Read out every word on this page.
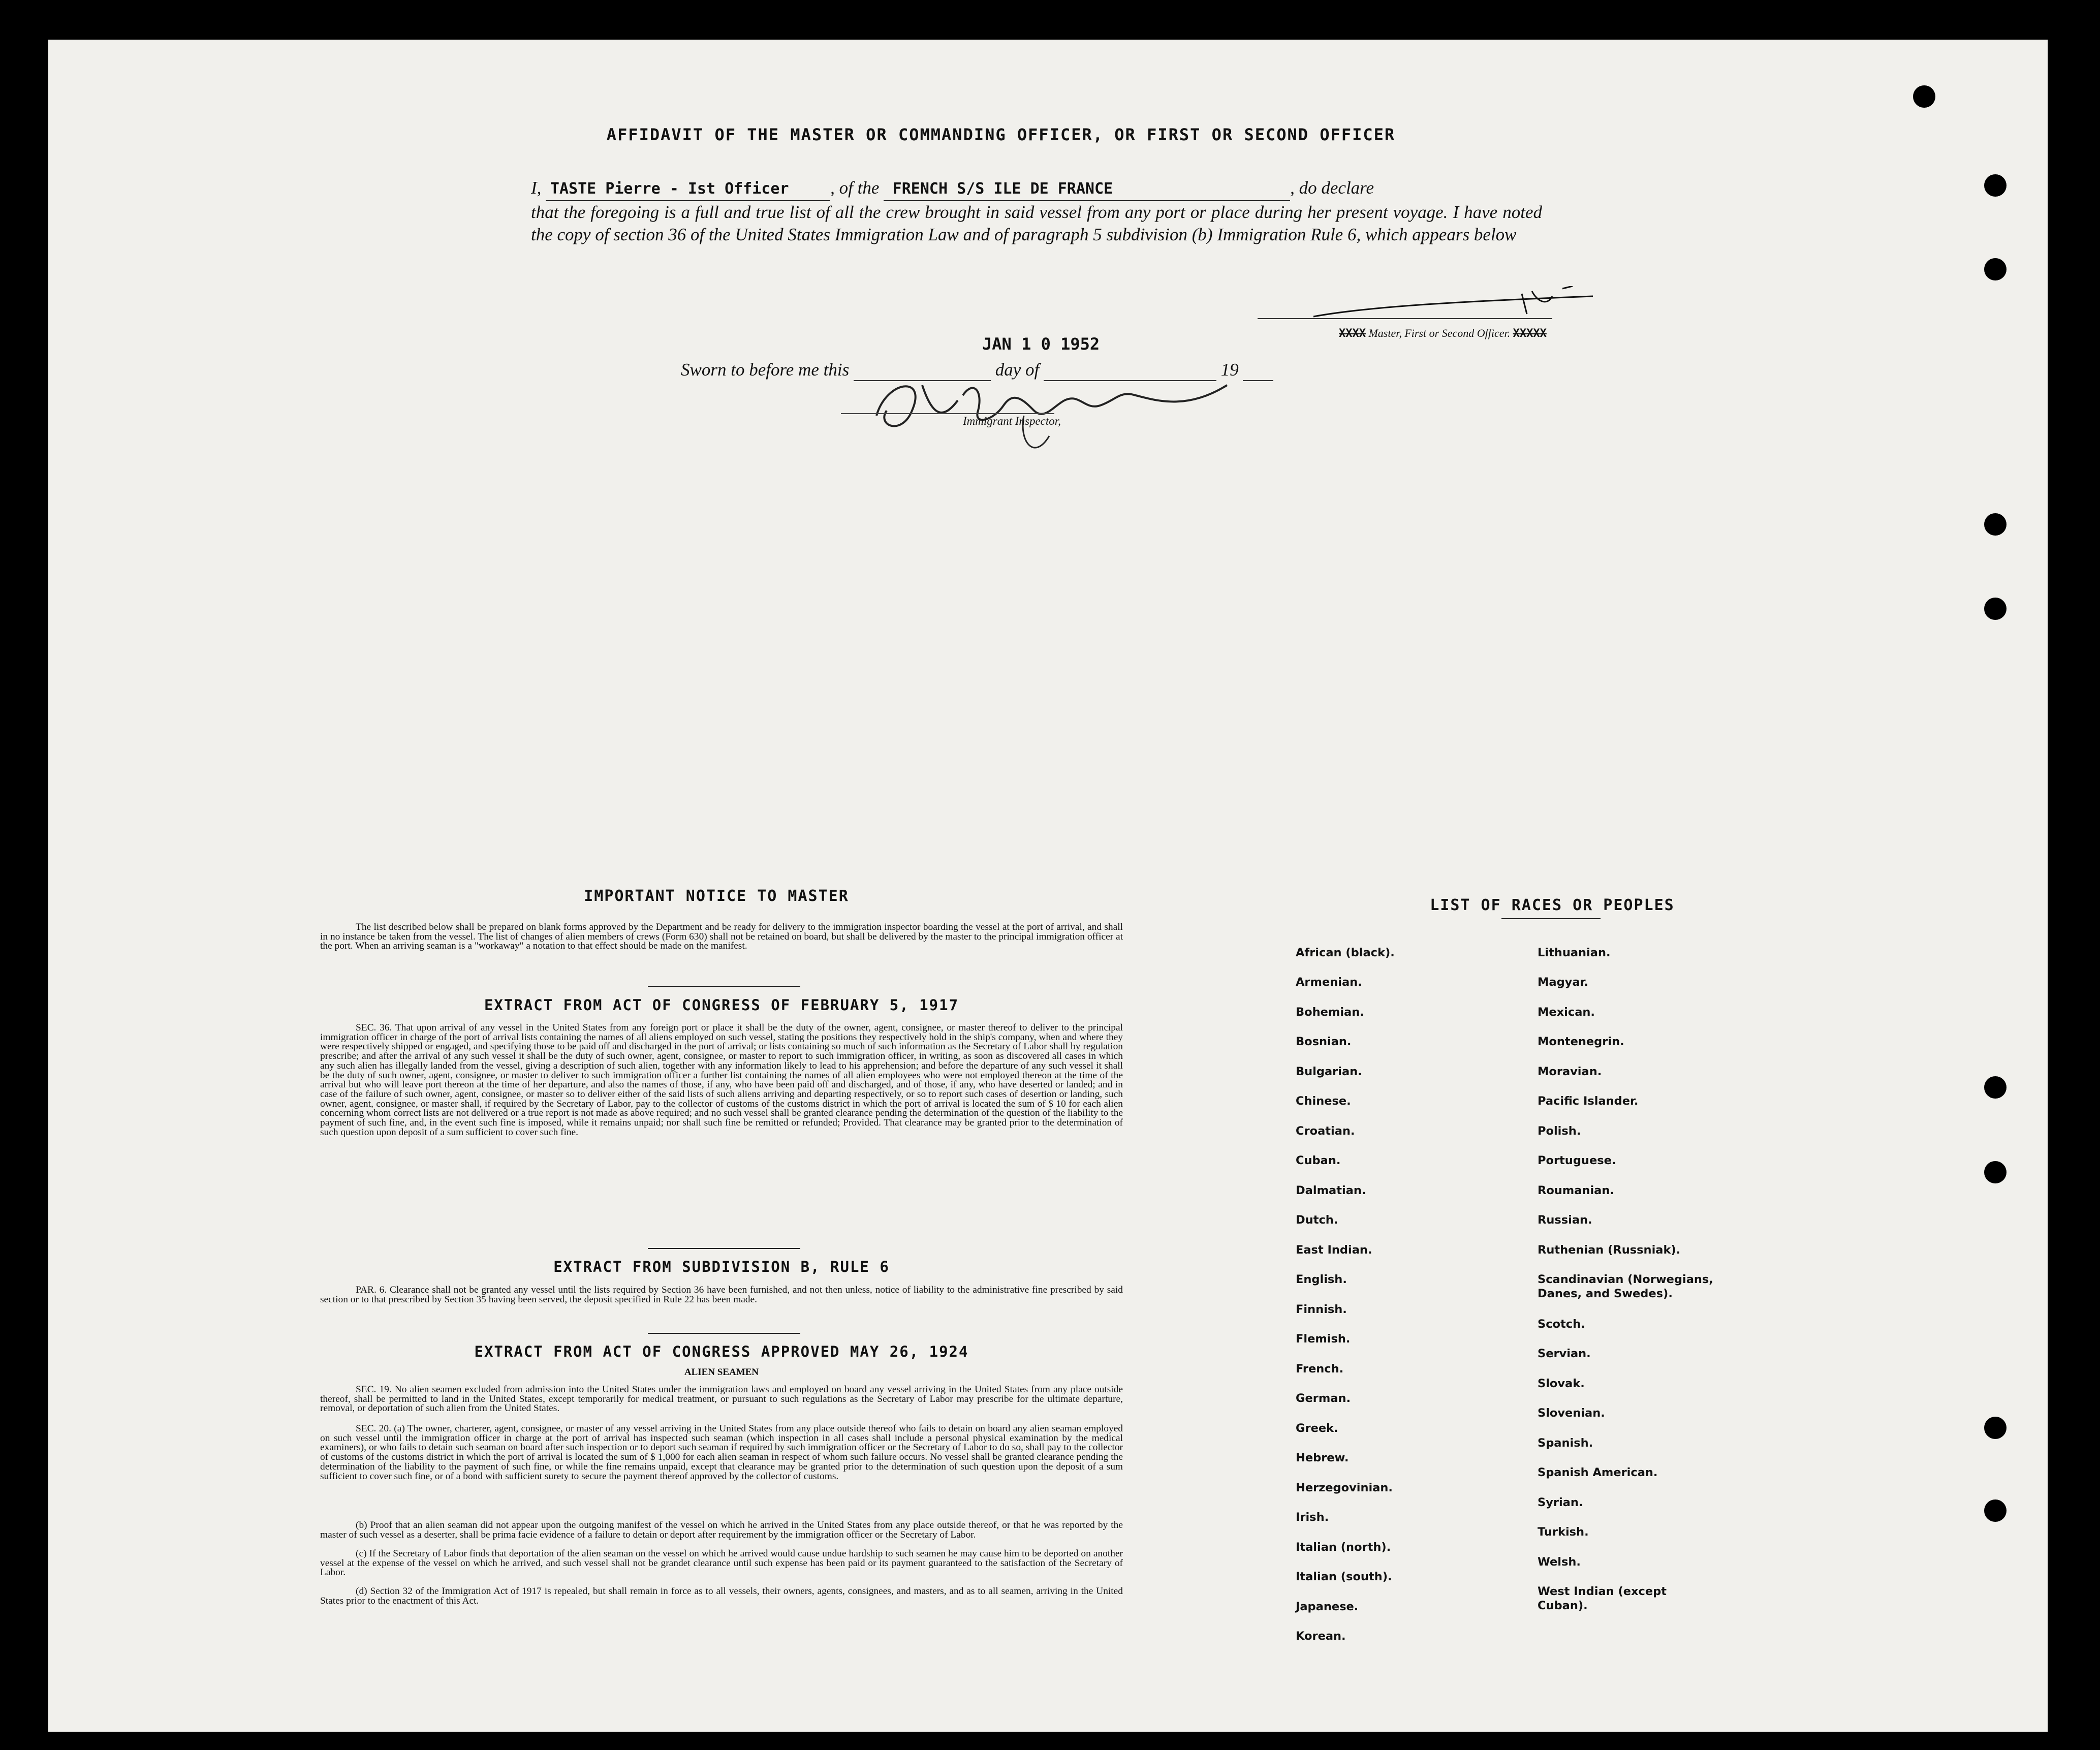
AFFIDAVIT OF THE MASTER OR COMMANDING OFFICER, OR FIRST OR SECOND OFFICER
I, TASTE Pierre - Ist Officer , of the FRENCH S/S ILE DE FRANCE	, do declare
that the foregoing is a full and true list of all the crew brought in said vessel from any port or place during her present voyage. I have noted the copy of section 36 of the United States Immigration Law and of paragraph 5 subdivision (b) Immigration Rule 6, which appears below
XXXX Master, First or Second Officer. XXXXX
JAN 1 0 1952
Sworn to before me this	day of	19
Immigrant Inspector,
IMPORTANT NOTICE TO MASTER
The list described below shall be prepared on blank forms approved by the Department and be ready for delivery to the immigration inspector boarding the vessel at the port of arrival, and shall in no instance be taken from the vessel. The list of changes of alien members of crews (Form 630) shall not be retained on board, but shall be delivered by the master to the principal immigration officer at the port. When an arriving seaman is a "workaway" a notation to that effect should be made on the manifest.
EXTRACT FROM ACT OF CONGRESS OF FEBRUARY 5, 1917
SEC. 36. That upon arrival of any vessel in the United States from any foreign port or place it shall be the duty of the owner, agent, consignee, or master thereof to deliver to the principal immigration officer in charge of the port of arrival lists containing the names of all aliens employed on such vessel, stating the positions they respectively hold in the ship's company, when and where they were respectively shipped or engaged, and specifying those to be paid off and discharged in the port of arrival; or lists containing so much of such information as the Secretary of Labor shall by regulation prescribe; and after the arrival of any such vessel it shall be the duty of such owner, agent, consignee, or master to report to such immigration officer, in writing, as soon as discovered all cases in which any such alien has illegally landed from the vessel, giving a description of such alien, together with any information likely to lead to his apprehension; and before the departure of any such vessel it shall be the duty of such owner, agent, consignee, or master to deliver to such immigration officer a further list containing the names of all alien employees who were not employed thereon at the time of the arrival but who will leave port thereon at the time of her departure, and also the names of those, if any, who have been paid off and discharged, and of those, if any, who have deserted or landed; and in case of the failure of such owner, agent, consignee, or master so to deliver either of the said lists of such aliens arriving and departing respectively, or so to report such cases of desertion or landing, such owner, agent, consignee, or master shall, if required by the Secretary of Labor, pay to the collector of customs of the customs district in which the port of arrival is located the sum of $ 10 for each alien concerning whom correct lists are not delivered or a true report is not made as above required; and no such vessel shall be granted clearance pending the determination of the question of the liability to the payment of such fine, and, in the event such fine is imposed, while it remains unpaid; nor shall such fine be remitted or refunded; Provided. That clearance may be granted prior to the determination of such question upon deposit of a sum sufficient to cover such fine.
EXTRACT FROM SUBDIVISION B, RULE 6
PAR. 6. Clearance shall not be granted any vessel until the lists required by Section 36 have been furnished, and not then unless, notice of liability to the administrative fine prescribed by said section or to that prescribed by Section 35 having been served, the deposit specified in Rule 22 has been made.
EXTRACT FROM ACT OF CONGRESS APPROVED MAY 26, 1924
ALIEN SEAMEN
SEC. 19. No alien seamen excluded from admission into the United States under the immigration laws and employed on board any vessel arriving in the United States from any place outside thereof, shall be permitted to land in the United States, except temporarily for medical treatment, or pursuant to such regulations as the Secretary of Labor may prescribe for the ultimate departure, removal, or deportation of such alien from the United States.
SEC. 20. (a) The owner, charterer, agent, consignee, or master of any vessel arriving in the United States from any place outside thereof who fails to detain on board any alien seaman employed on such vessel until the immigration officer in charge at the port of arrival has inspected such seaman (which inspection in all cases shall include a personal physical examination by the medical examiners), or who fails to detain such seaman on board after such inspection or to deport such seaman if required by such immigration officer or the Secretary of Labor to do so, shall pay to the collector of customs of the customs district in which the port of arrival is located the sum of $ 1,000 for each alien seaman in respect of whom such failure occurs. No vessel shall be granted clearance pending the determination of the liability to the payment of such fine, or while the fine remains unpaid, except that clearance may be granted prior to the determination of such question upon the deposit of a sum sufficient to cover such fine, or of a bond with sufficient surety to secure the payment thereof approved by the collector of customs.
(b) Proof that an alien seaman did not appear upon the outgoing manifest of the vessel on which he arrived in the United States from any place outside thereof, or that he was reported by the master of such vessel as a deserter, shall be prima facie evidence of a failure to detain or deport after requirement by the immigration officer or the Secretary of Labor.
(c) If the Secretary of Labor finds that deportation of the alien seaman on the vessel on which he arrived would cause undue hardship to such seamen he may cause him to be deported on another vessel at the expense of the vessel on which he arrived, and such vessel shall not be grandet clearance until such expense has been paid or its payment guaranteed to the satisfaction of the Secretary of Labor.
(d) Section 32 of the Immigration Act of 1917 is repealed, but shall remain in force as to all vessels, their owners, agents, consignees, and masters, and as to all seamen, arriving in the United States prior to the enactment of this Act.
LIST OF RACES OR PEOPLES
African (black).
Armenian.
Bohemian.
Bosnian.
Bulgarian.
Chinese.
Croatian.
Cuban.
Dalmatian.
Dutch.
East Indian.
English.
Finnish.
Flemish.
French.
German.
Greek.
Hebrew.
Herzegovinian.
Irish.
Italian (north).
Italian (south).
Japanese.
Korean.
Lithuanian.
Magyar.
Mexican.
Montenegrin.
Moravian.
Pacific Islander.
Polish.
Portuguese.
Roumanian.
Russian.
Ruthenian (Russniak).
Scandinavian (Norwegians, Danes, and Swedes).
Scotch.
Servian.
Slovak.
Slovenian.
Spanish.
Spanish American.
Syrian.
Turkish.
Welsh.
West Indian (except Cuban).
